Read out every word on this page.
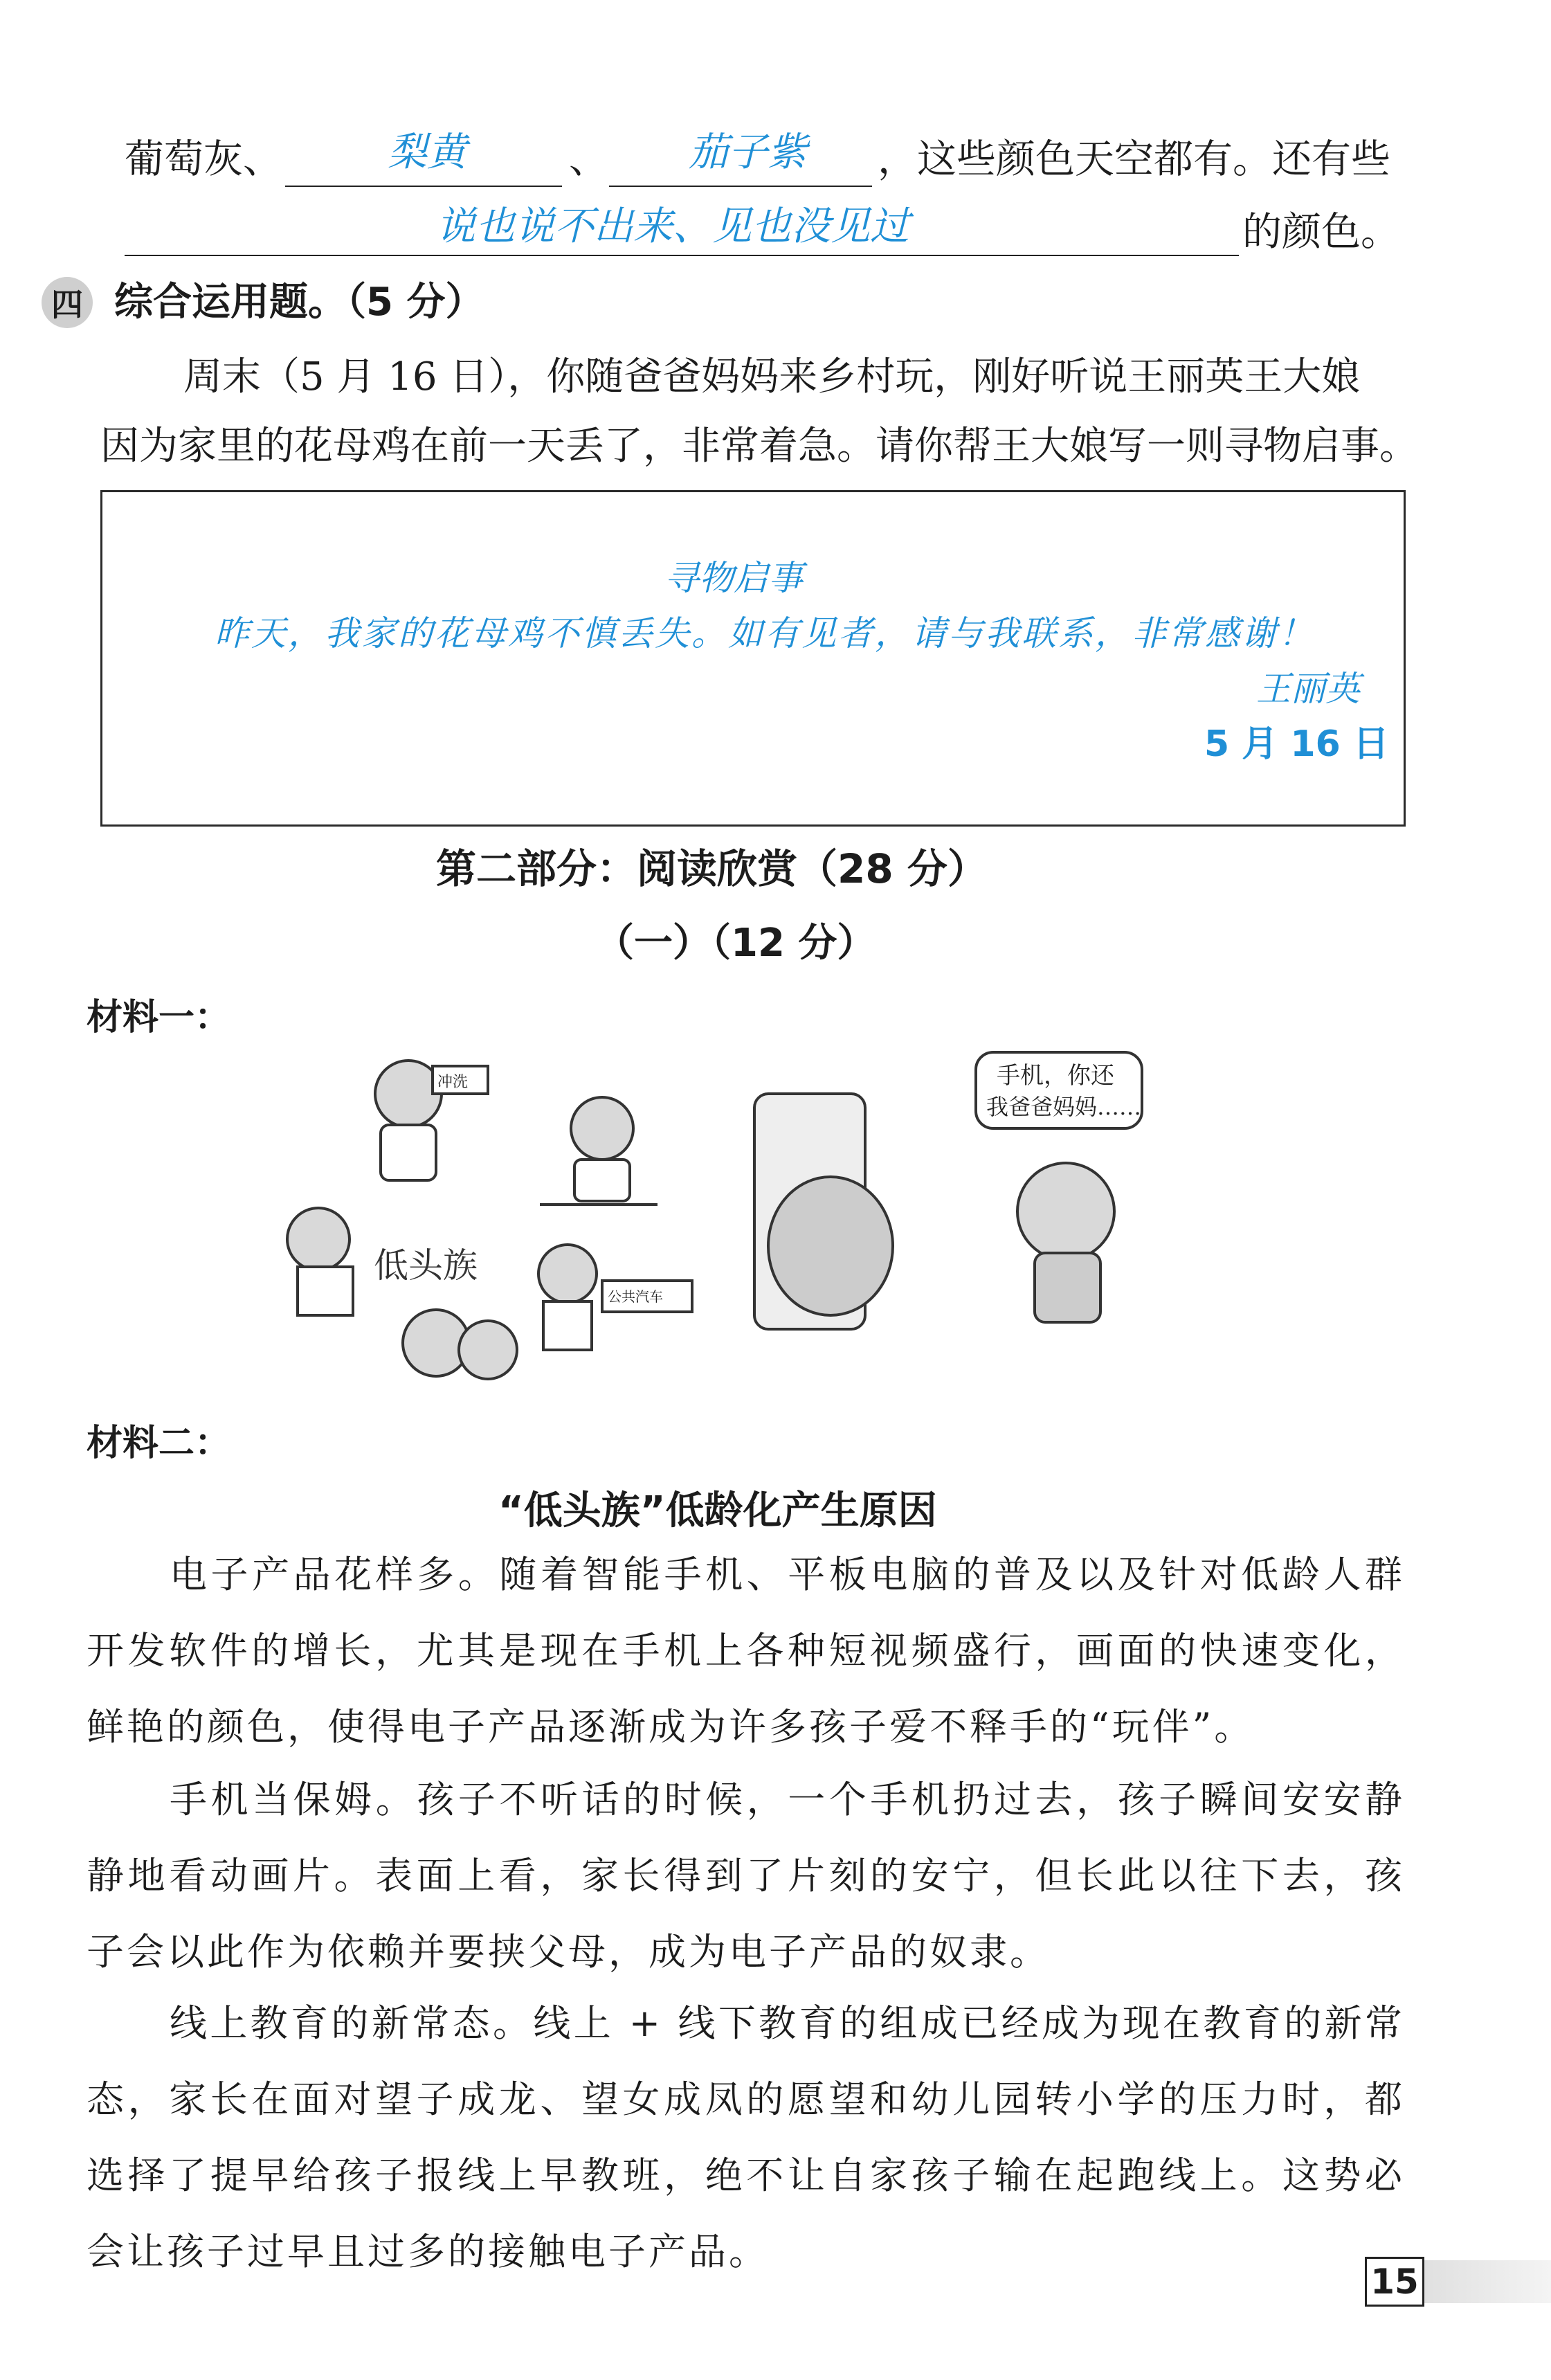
葡萄灰、	梨黄	、 茄子紫 ，这些颜色天空都有。还有些
说也说不出来、见也没见过	的颜色。
四 综合运用题。（5 分）
周末（5 月 16 日），你随爸爸妈妈来乡村玩，刚好听说王丽英王大娘
因为家里的花母鸡在前一天丢了，非常着急。请你帮王大娘写一则寻物启事。
寻物启事
昨天，我家的花母鸡不慎丢失。如有见者，请与我联系，非常感谢！
王丽英
5 月 16 日
第二部分：阅读欣赏（28 分）
（一）（12 分）
材料一：
低头族
冲洗
公共汽车
手机，你还
我爸爸妈妈……
材料二：
“低头族”低龄化产生原因
电子产品花样多。随着智能手机、平板电脑的普及以及针对低龄人群开发软件的增长，尤其是现在手机上各种短视频盛行，画面的快速变化，鲜艳的颜色，使得电子产品逐渐成为许多孩子爱不释手的“玩伴”。
手机当保姆。孩子不听话的时候，一个手机扔过去，孩子瞬间安安静静地看动画片。表面上看，家长得到了片刻的安宁，但长此以往下去，孩子会以此作为依赖并要挟父母，成为电子产品的奴隶。
线上教育的新常态。线上 + 线下教育的组成已经成为现在教育的新常态，家长在面对望子成龙、望女成凤的愿望和幼儿园转小学的压力时，都选择了提早给孩子报线上早教班，绝不让自家孩子输在起跑线上。这势必会让孩子过早且过多的接触电子产品。
15
